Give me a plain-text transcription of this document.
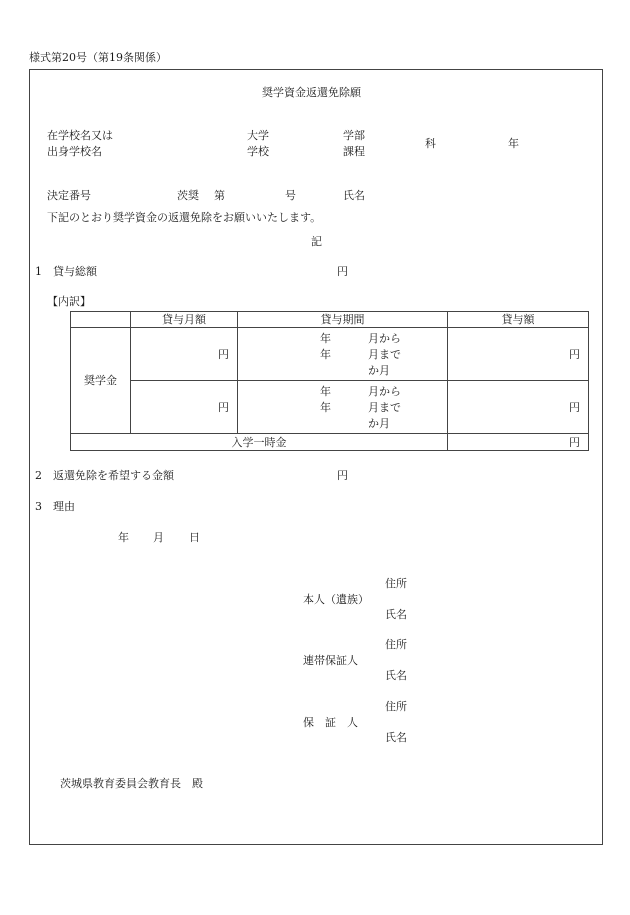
様式第20号（第19条関係）
奨学資金返還免除願
在学校名又は
出身学校名
大学
学校
学部
課程
科	年
決定番号	茨奨 第	号	氏名
下記のとおり奨学資金の返還免除をお願いいたします。
記
1 貸与総額	円
【内訳】
	貸与月額	貸与期間	貸与額
奨学金	円	年 月から
年 月まで
か月	円
	円	年 月から
年 月まで
か月	円
入学一時金			円
2 返還免除を希望する金額	円
3 理由
年 月 日
住所
本人（遺族）
氏名
住所
連帯保証人
氏名
住所
保　証　人
氏名
茨城県教育委員会教育長　殿
